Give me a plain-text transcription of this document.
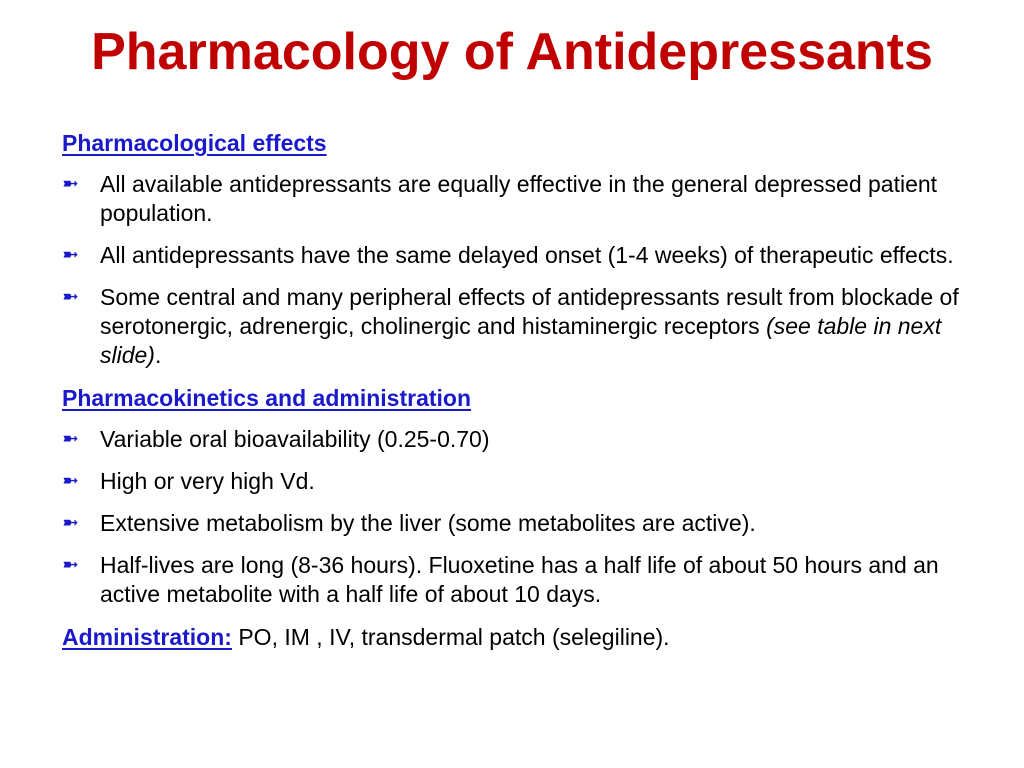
Pharmacology of Antidepressants
Pharmacological effects
➼ All available antidepressants are equally effective in the general depressed patient population.
➼ All antidepressants have the same delayed onset (1-4 weeks) of therapeutic effects.
➼ Some central and many peripheral effects of antidepressants result from blockade of serotonergic, adrenergic, cholinergic and histaminergic receptors (see table in next slide).
Pharmacokinetics and administration
➼ Variable oral bioavailability (0.25-0.70)
➼ High or very high Vd.
➼ Extensive metabolism by the liver (some metabolites are active).
➼ Half-lives are long (8-36 hours). Fluoxetine has a half life of about 50 hours and an active metabolite with a half life of about 10 days.
Administration: PO, IM , IV, transdermal patch (selegiline).
